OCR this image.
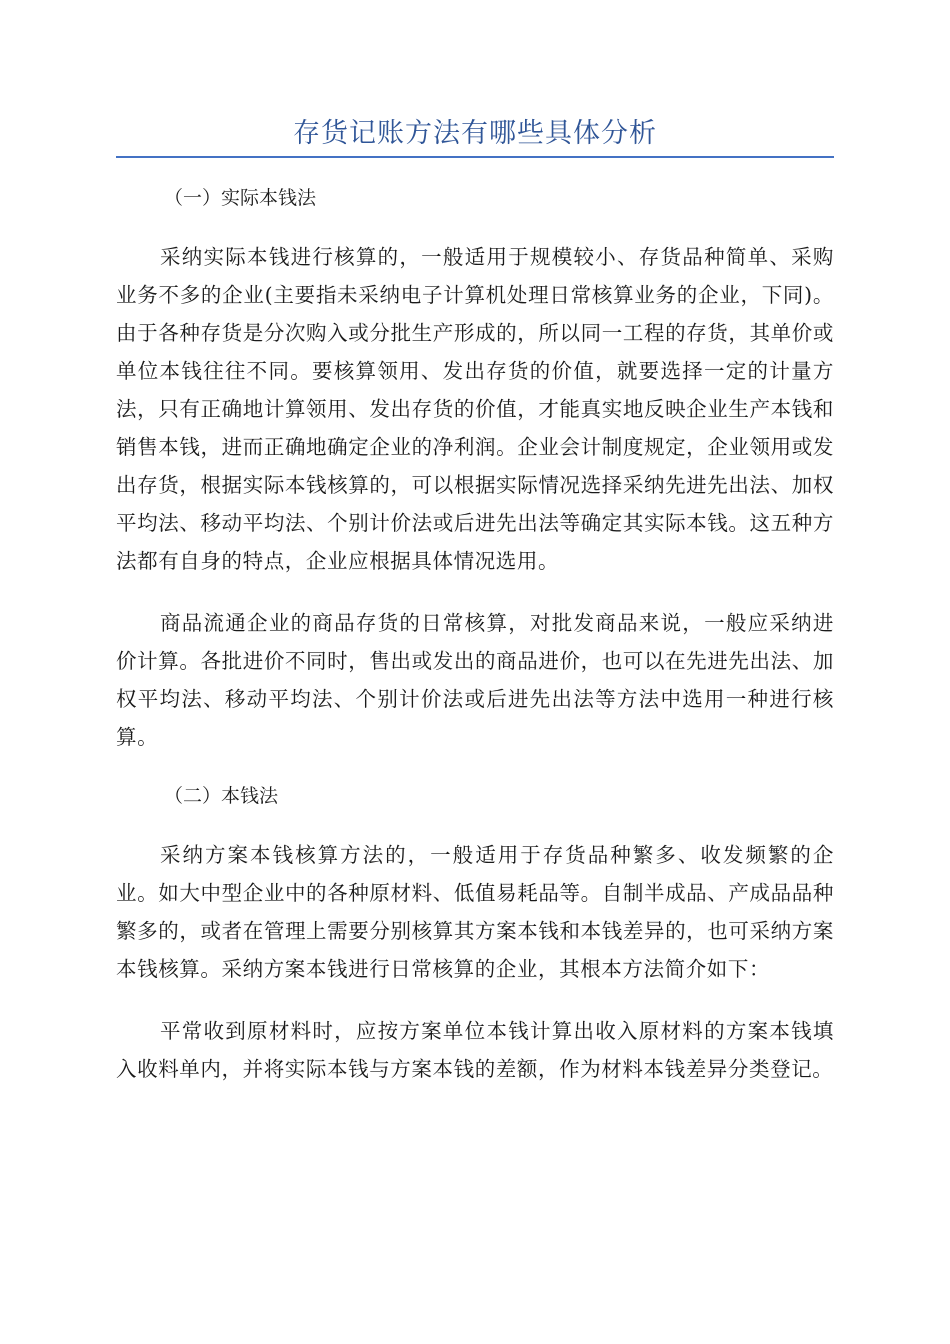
存货记账方法有哪些具体分析

（一）实际本钱法

采纳实际本钱进行核算的，一般适用于规模较小、存货品种简单、采购业务不多的企业(主要指未采纳电子计算机处理日常核算业务的企业，下同)。由于各种存货是分次购入或分批生产形成的，所以同一工程的存货，其单价或单位本钱往往不同。要核算领用、发出存货的价值，就要选择一定的计量方法，只有正确地计算领用、发出存货的价值，才能真实地反映企业生产本钱和销售本钱，进而正确地确定企业的净利润。企业会计制度规定，企业领用或发出存货，根据实际本钱核算的，可以根据实际情况选择采纳先进先出法、加权平均法、移动平均法、个别计价法或后进先出法等确定其实际本钱。这五种方法都有自身的特点，企业应根据具体情况选用。

商品流通企业的商品存货的日常核算，对批发商品来说，一般应采纳进价计算。各批进价不同时，售出或发出的商品进价，也可以在先进先出法、加权平均法、移动平均法、个别计价法或后进先出法等方法中选用一种进行核算。

（二）本钱法

采纳方案本钱核算方法的，一般适用于存货品种繁多、收发频繁的企业。如大中型企业中的各种原材料、低值易耗品等。自制半成品、产成品品种繁多的，或者在管理上需要分别核算其方案本钱和本钱差异的，也可采纳方案本钱核算。采纳方案本钱进行日常核算的企业，其根本方法简介如下：

平常收到原材料时，应按方案单位本钱计算出收入原材料的方案本钱填入收料单内，并将实际本钱与方案本钱的差额，作为材料本钱差异分类登记。
